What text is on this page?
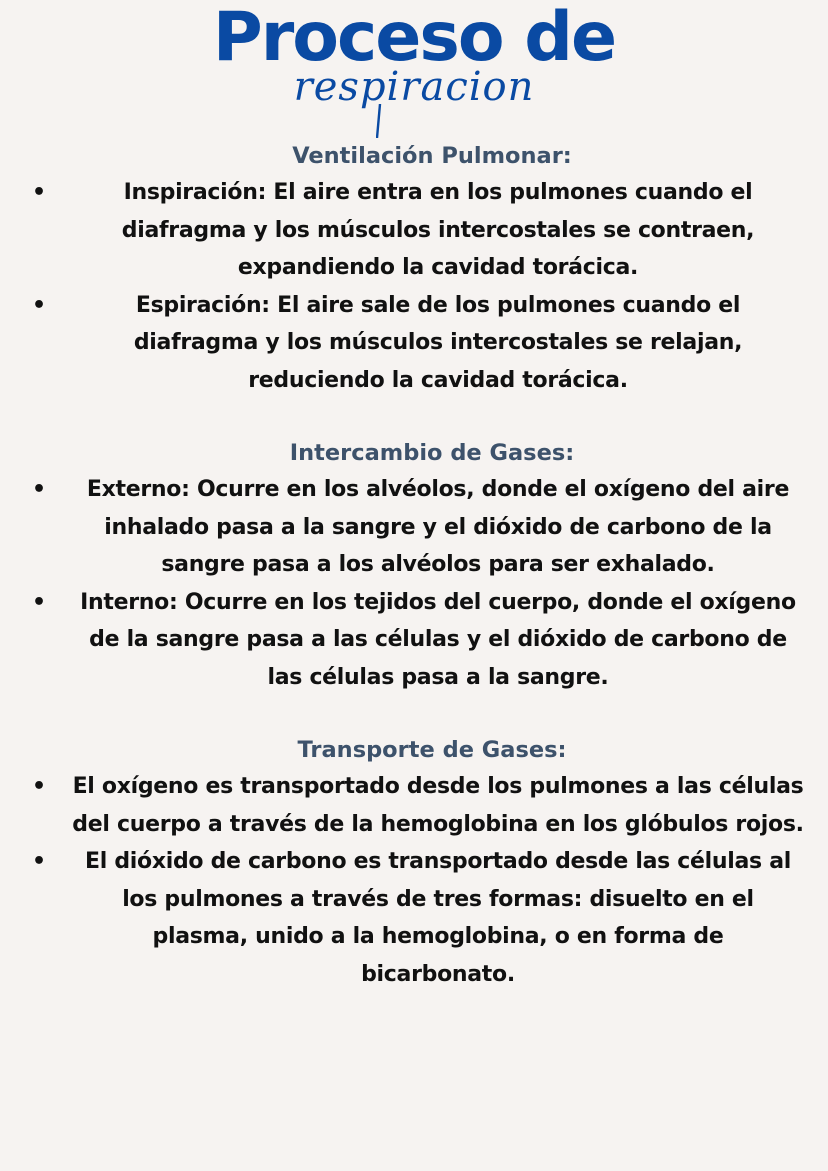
Proceso de
respiracion
Ventilación Pulmonar:
•	Inspiración: El aire entra en los pulmones cuando el diafragma y los músculos intercostales se contraen, expandiendo la cavidad torácica.
•	Espiración: El aire sale de los pulmones cuando el diafragma y los músculos intercostales se relajan, reduciendo la cavidad torácica.
Intercambio de Gases:
•	Externo: Ocurre en los alvéolos, donde el oxígeno del aire inhalado pasa a la sangre y el dióxido de carbono de la sangre pasa a los alvéolos para ser exhalado.
•	Interno: Ocurre en los tejidos del cuerpo, donde el oxígeno de la sangre pasa a las células y el dióxido de carbono de las células pasa a la sangre.
Transporte de Gases:
•	El oxígeno es transportado desde los pulmones a las células del cuerpo a través de la hemoglobina en los glóbulos rojos.
•	El dióxido de carbono es transportado desde las células al los pulmones a través de tres formas: disuelto en el plasma, unido a la hemoglobina, o en forma de bicarbonato.
